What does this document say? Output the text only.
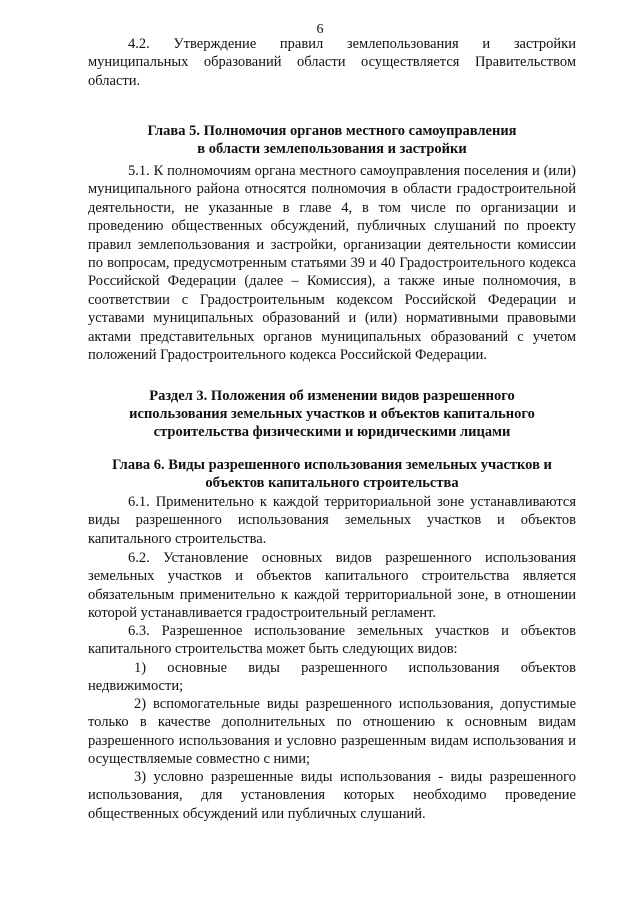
6
4.2. Утверждение правил землепользования и застройки муниципальных образований области осуществляется Правительством области.
Глава 5. Полномочия органов местного самоуправления
в области землепользования и застройки
5.1. К полномочиям органа местного самоуправления поселения и (или) муниципального района относятся полномочия в области градостроительной деятельности, не указанные в главе 4, в том числе по организации и проведению общественных обсуждений, публичных слушаний по проекту правил землепользования и застройки, организации деятельности комиссии по вопросам, предусмотренным статьями 39 и 40 Градостроительного кодекса Российской Федерации (далее – Комиссия), а также иные полномочия, в соответствии с Градостроительным кодексом Российской Федерации и уставами муниципальных образований и (или) нормативными правовыми актами представительных органов муниципальных образований с учетом положений Градостроительного кодекса Российской Федерации.
Раздел 3. Положения об изменении видов разрешенного
использования земельных участков и объектов капитального
строительства физическими и юридическими лицами
Глава 6. Виды разрешенного использования земельных участков и
объектов капитального строительства
6.1. Применительно к каждой территориальной зоне устанавливаются виды разрешенного использования земельных участков и объектов капитального строительства.
6.2. Установление основных видов разрешенного использования земельных участков и объектов капитального строительства является обязательным применительно к каждой территориальной зоне, в отношении которой устанавливается градостроительный регламент.
6.3. Разрешенное использование земельных участков и объектов капитального строительства может быть следующих видов:
1) основные виды разрешенного использования объектов недвижимости;
2) вспомогательные виды разрешенного использования, допустимые только в качестве дополнительных по отношению к основным видам разрешенного использования и условно разрешенным видам использования и осуществляемые совместно с ними;
3) условно разрешенные виды использования - виды разрешенного использования, для установления которых необходимо проведение общественных обсуждений или публичных слушаний.
